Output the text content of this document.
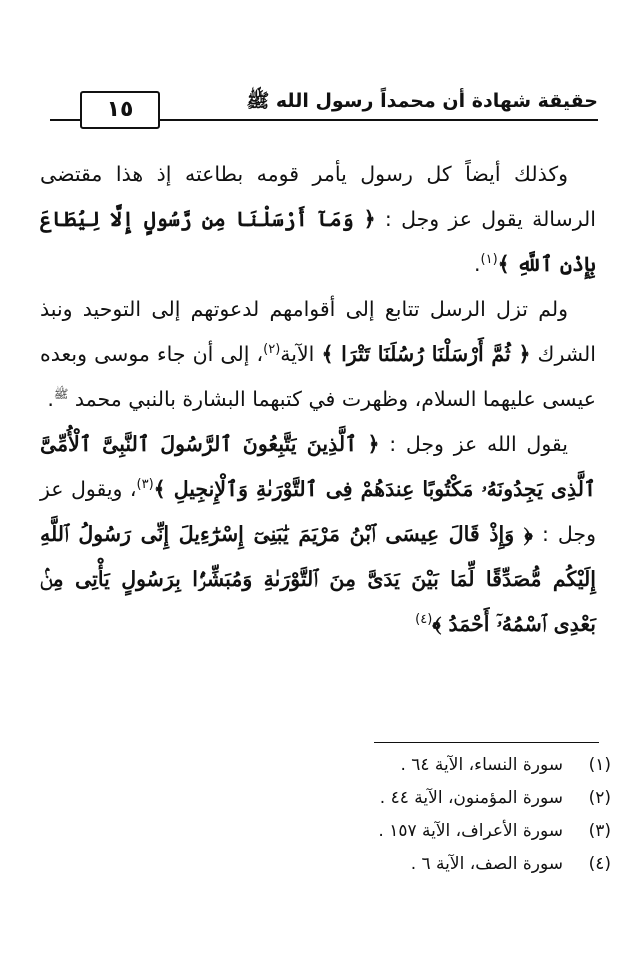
١٥	حقيقة شهادة أن محمداً رسول الله ﷺ

وكذلك أيضاً كل رسول يأمر قومه بطاعته إذ هذا مقتضى الرسالة يقول عز وجل : ﴿ وَمَآ أَرْسَلْنَا مِن رَّسُولٍ إِلَّا لِيُطَاعَ بِإِذْنِ ٱللَّهِ ﴾$^{(١)}$.

ولم تزل الرسل تتابع إلى أقوامهم لدعوتهم إلى التوحيد ونبذ الشرك ﴿ ثُمَّ أَرْسَلْنَا رُسُلَنَا تَتْرَا ﴾ الآية$^{(٢)}$، إلى أن جاء موسى وبعده عيسى عليهما السلام، وظهرت في كتبهما البشارة بالنبي محمد $^ﷺ$.

يقول الله عز وجل : ﴿ ٱلَّذِينَ يَتَّبِعُونَ ٱلرَّسُولَ ٱلنَّبِىَّ ٱلْأُمِّىَّ ٱلَّذِى يَجِدُونَهُۥ مَكْتُوبًا عِندَهُمْ فِى ٱلتَّوْرَىٰةِ وَٱلْإِنجِيلِ ﴾$^{(٣)}$، ويقول عز وجل : ﴿ وَإِذْ قَالَ عِيسَى ٱبْنُ مَرْيَمَ يَٰبَنِىٓ إِسْرَٰٓءِيلَ إِنِّى رَسُولُ ٱللَّهِ إِلَيْكُم مُّصَدِّقًا لِّمَا بَيْنَ يَدَىَّ مِنَ ٱلتَّوْرَىٰةِ وَمُبَشِّرًۢا بِرَسُولٍ يَأْتِى مِنۢ بَعْدِى ٱسْمُهُۥٓ أَحْمَدُ ﴾$^{(٤)}$

(١)
سورة النساء، الآية ٦٤ .
(٢)
سورة المؤمنون، الآية ٤٤ .
(٣)
سورة الأعراف، الآية ١٥٧ .
(٤)
سورة الصف، الآية ٦ .
